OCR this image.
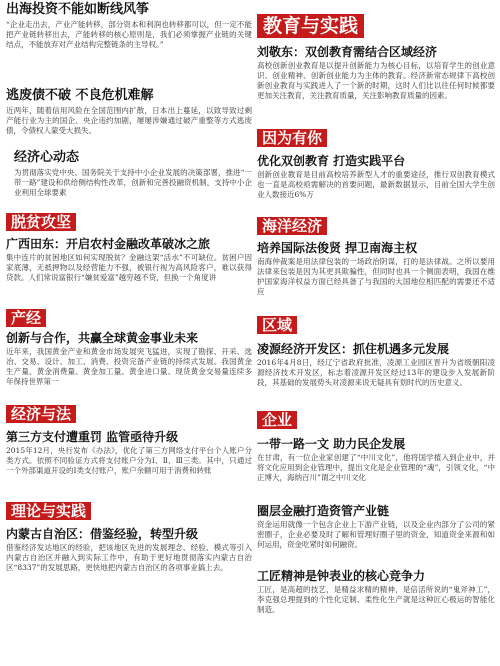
出海投资不能如断线风筝
“企业走出去，产业产能转移，部分资本和利润也转移都可以，但一定不能把产业链转移出去，产能转移的核心原则是，我们必须掌握产业链的关键结点，不能放弃对产业结构完整链条的主导权。”
逃废债不破 不良危机难解
近两年，随着信用风险在全国范围内扩散，日本出上蔓延，以致导致过剩产能行业为主的国企、央企违约加剧，屡屡涉嫌通过破产重整等方式逃废债，令债权人蒙受大损失。
经济心动态
为贯彻落实党中央、国务院关于支持中小企业发展的决策部署，推进“一带一路”建设和供给侧结构性改革，创新和完善投融资机制，支持中小企业利用全球要素
脱贫攻坚
广西田东：开启农村金融改革破冰之旅
集中连片的贫困地区如何实现脱贫？金融这架“活水”不可缺位。贫困户因家底薄，无抵押物以及经营能力不强，被银行视为高风险客户，难以获得贷款。人们常说富银行“嫌贫爱富”越穷越不贷，但换一个角度讲
产经
创新与合作，共赢全球黄金事业未来
近年来，我国黄金产业和黄金市场发展突飞猛进，实现了勘探、开采、选冶、交易、设计、加工、消费、投资完备产业链的持续式发展。我国黄金生产量、黄金消费量、黄金加工量、黄金进口量、现货黄金交易量连续多年保持世界第一
经济与法
第三方支付遭重罚 监管亟待升级
2015年12月，央行发布《办法》，优化了第三方网络支付平台个人账户分类方式。依照不同验证方式将支付账户分为Ⅰ、Ⅱ、Ⅲ三类。其中，只通过一个外部渠道开设的Ⅰ类支付账户，账户余额可用于消费和转账
理论与实践
内蒙古自治区：借鉴经验，转型升级
借鉴经济发达地区的经验，把该地区先进的发展理念、经验、模式等引入内蒙古自治区并融入到实际工作中，有助于更好地贯彻落实内蒙古自治区“8337”的发展思路，更快地把内蒙古自治区的各项事业搞上去。
教育与实践
刘敬东：双创教育需结合区域经济
高校创新创业教育是以提升创新能力为核心目标，以培育学生的创业意识、创业精神、创新创业能力为主体的教育。经济新常态规律下高校创新创业教育与实践进入了一个新的时期，这时人们比以往任何时候都要更加关注教育，关注教育质量，关注影响教育质量的因素。
因为有你
优化双创教育 打造实践平台
创新创业教育是目前高校培养新型人才的重要途径，推行双创教育模式也一直是高校亟需解决的首要问题，最新数据显示，目前全国大学生创业人数接近6%万
海洋经济
培养国际法俊贤 捍卫南海主权
南海仲裁案是用法律包装的一场政治阴谋，打的是法律战。之所以要用法律来包装是因为其更具欺骗性，但同时也具一个侧面表明，我国在维护国家海洋权益方面已经具备了与我国的大国地位相匹配的需要还不适应
区域
凌源经济开发区：抓住机遇多元发展
2016年4月8日，经辽宁省政府批准，凌源工业园区晋升为省级朝阳凌源经济技术开发区，标志着凌源开发区经过13年的建设步入发展新阶段，其基础的发展势头对凌源来说无疑具有划时代的历史意义。
企业
一带一路一文 助力民企发展
在甘肃，有一位企业家创建了“中川文化”，他将国学植入到企业中，并将文化应用到企业管理中，提出文化是企业管理的“魂”，引领文化，“中正博大，海纳百川”谓之中川文化
圈层金融打造资管产业链
资金运用就像一个包含企业上下游产业链，以及企业内部分了公司的紧密圈子，企业必要及时了解和管理好圈子里的资金，知道资金来源和如何运用，资金吃紧时如何融资。
工匠精神是钟表业的核心竞争力
工匠，是高超的技艺，是精益求精的精神，是倍活所说的“鬼斧神工”，李克强总理提到的个性化定制、柔性化生产就是这种匠心极运的智能化制造。
